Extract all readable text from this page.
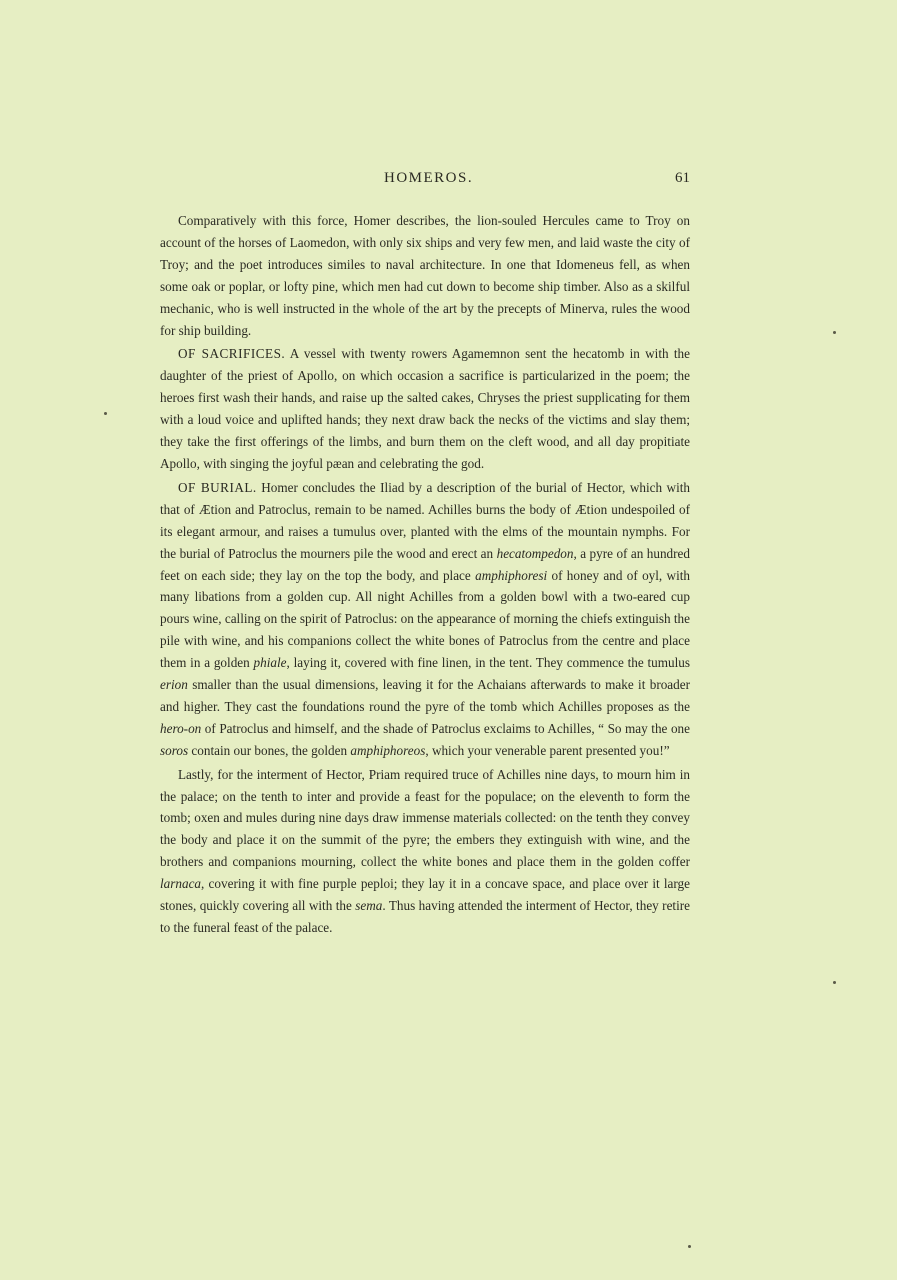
HOMEROS.	61

Comparatively with this force, Homer describes, the lion-souled Hercules came to Troy on account of the horses of Laomedon, with only six ships and very few men, and laid waste the city of Troy; and the poet introduces similes to naval architecture. In one that Idomeneus fell, as when some oak or poplar, or lofty pine, which men had cut down to become ship timber. Also as a skilful mechanic, who is well instructed in the whole of the art by the precepts of Minerva, rules the wood for ship building.

OF SACRIFICES. A vessel with twenty rowers Agamemnon sent the hecatomb in with the daughter of the priest of Apollo, on which occasion a sacrifice is particularized in the poem; the heroes first wash their hands, and raise up the salted cakes, Chryses the priest supplicating for them with a loud voice and uplifted hands; they next draw back the necks of the victims and slay them; they take the first offerings of the limbs, and burn them on the cleft wood, and all day propitiate Apollo, with singing the joyful pæan and celebrating the god.

OF BURIAL. Homer concludes the Iliad by a description of the burial of Hector, which with that of Ætion and Patroclus, remain to be named. Achilles burns the body of Ætion undespoiled of its elegant armour, and raises a tumulus over, planted with the elms of the mountain nymphs. For the burial of Patroclus the mourners pile the wood and erect an hecatompedon, a pyre of an hundred feet on each side; they lay on the top the body, and place amphiphoresi of honey and of oyl, with many libations from a golden cup. All night Achilles from a golden bowl with a two-eared cup pours wine, calling on the spirit of Patroclus: on the appearance of morning the chiefs extinguish the pile with wine, and his companions collect the white bones of Patroclus from the centre and place them in a golden phiale, laying it, covered with fine linen, in the tent. They commence the tumulus erion smaller than the usual dimensions, leaving it for the Achaians afterwards to make it broader and higher. They cast the foundations round the pyre of the tomb which Achilles proposes as the hero-on of Patroclus and himself, and the shade of Patroclus exclaims to Achilles, “ So may the one soros contain our bones, the golden amphiphoreos, which your venerable parent presented you!”

Lastly, for the interment of Hector, Priam required truce of Achilles nine days, to mourn him in the palace; on the tenth to inter and provide a feast for the populace; on the eleventh to form the tomb; oxen and mules during nine days draw immense materials collected: on the tenth they convey the body and place it on the summit of the pyre; the embers they extinguish with wine, and the brothers and companions mourning, collect the white bones and place them in the golden coffer larnaca, covering it with fine purple peploi; they lay it in a concave space, and place over it large stones, quickly covering all with the sema. Thus having attended the interment of Hector, they retire to the funeral feast of the palace.
